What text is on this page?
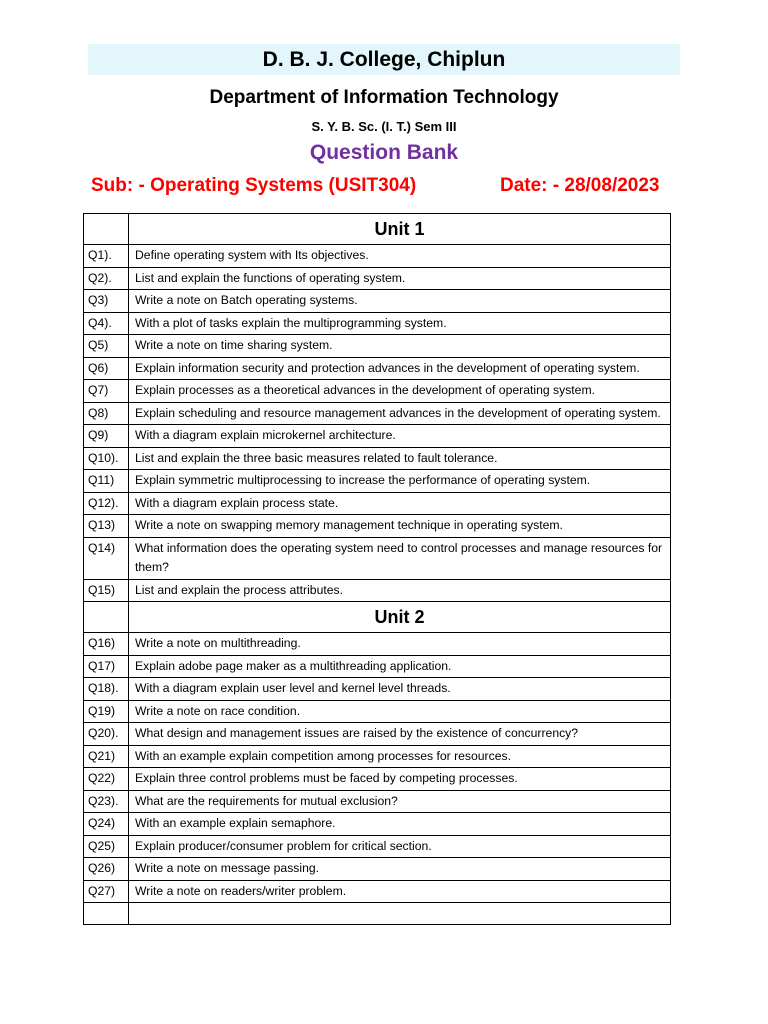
D. B. J. College, Chiplun
Department of Information Technology
S. Y. B. Sc. (I. T.) Sem III
Question Bank
Sub: - Operating Systems (USIT304)	Date: - 28/08/2023
	Unit 1
Q1).	Define operating system with Its objectives.
Q2).	List and explain the functions of operating system.
Q3)	Write a note on Batch operating systems.
Q4).	With a plot of tasks explain the multiprogramming system.
Q5)	Write a note on time sharing system.
Q6)	Explain information security and protection advances in the development of operating system.
Q7)	Explain processes as a theoretical advances in the development of operating system.
Q8)	Explain scheduling and resource management advances in the development of operating system.
Q9)	With a diagram explain microkernel architecture.
Q10).	List and explain the three basic measures related to fault tolerance.
Q11)	Explain symmetric multiprocessing to increase the performance of operating system.
Q12).	With a diagram explain process state.
Q13)	Write a note on swapping memory management technique in operating system.
Q14)	What information does the operating system need to control processes and manage resources for them?
Q15)	List and explain the process attributes.
	Unit 2
Q16)	Write a note on multithreading.
Q17)	Explain adobe page maker as a multithreading application.
Q18).	With a diagram explain user level and kernel level threads.
Q19)	Write a note on race condition.
Q20).	What design and management issues are raised by the existence of concurrency?
Q21)	With an example explain competition among processes for resources.
Q22)	Explain three control problems must be faced by competing processes.
Q23).	What are the requirements for mutual exclusion?
Q24)	With an example explain semaphore.
Q25)	Explain producer/consumer problem for critical section.
Q26)	Write a note on message passing.
Q27)	Write a note on readers/writer problem.
